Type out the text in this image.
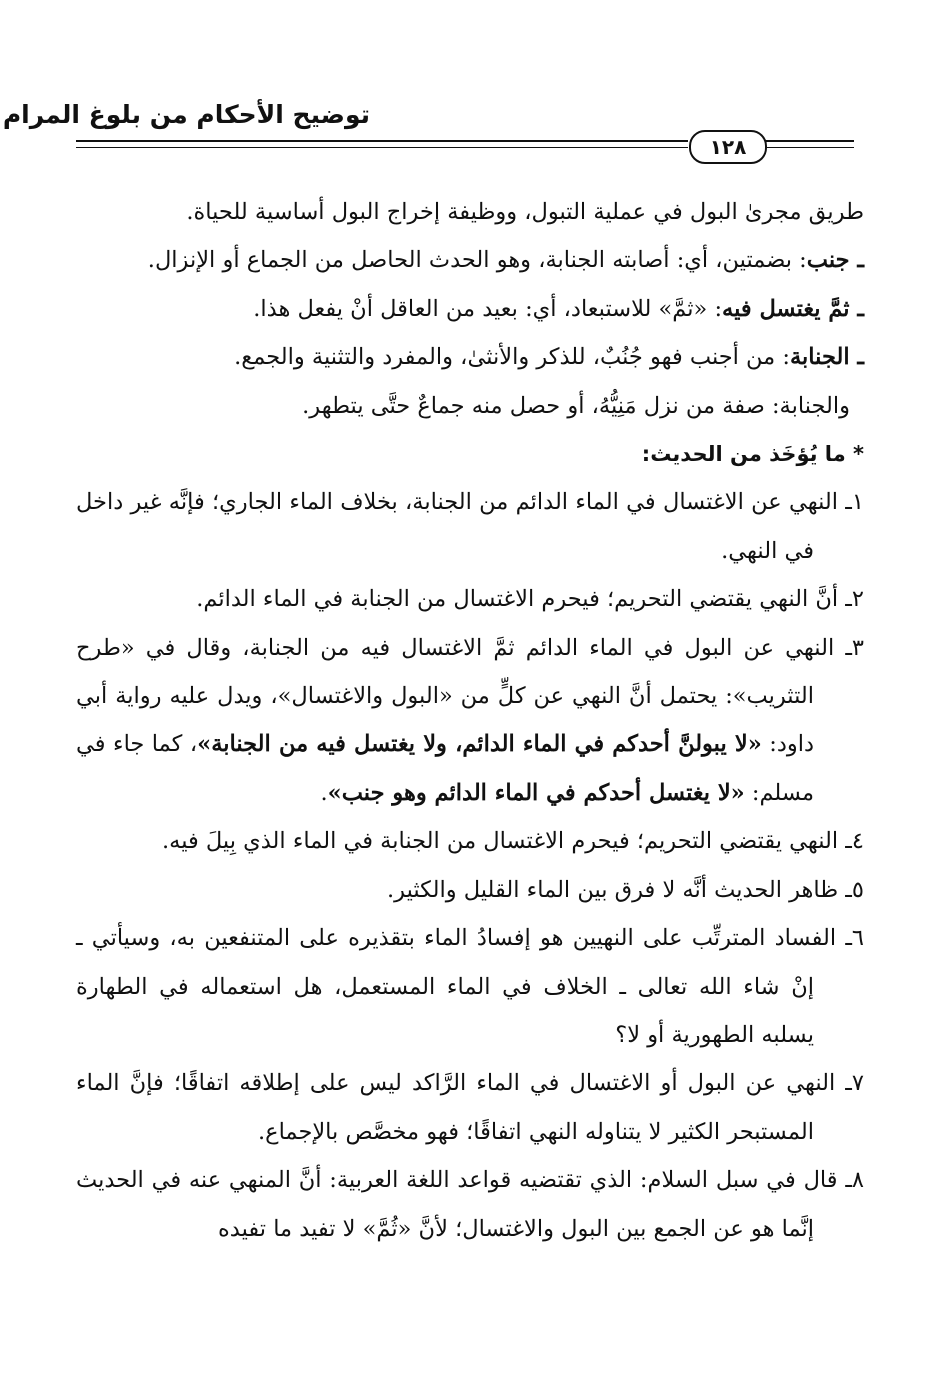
توضيح الأحكام من بلوغ المرام
١٢٨

طريق مجرىٰ البول في عملية التبول، ووظيفة إخراج البول أساسية للحياة.

ـ جنب: بضمتين، أي: أصابته الجنابة، وهو الحدث الحاصل من الجماع أو الإنزال.

ـ ثمَّ يغتسل فيه: «ثمَّ» للاستبعاد، أي: بعيد من العاقل أنْ يفعل هذا.

ـ الجنابة: من أجنب فهو جُنُبٌ، للذكر والأنثىٰ، والمفرد والتثنية والجمع.

والجنابة: صفة من نزل مَنِيُّهُ، أو حصل منه جماعٌ حتَّى يتطهر.

* ما يُؤخَذ من الحديث:

١ـ النهي عن الاغتسال في الماء الدائم من الجنابة، بخلاف الماء الجاري؛ فإنَّه غير داخل في النهي.

٢ـ أنَّ النهي يقتضي التحريم؛ فيحرم الاغتسال من الجنابة في الماء الدائم.

٣ـ النهي عن البول في الماء الدائم ثمَّ الاغتسال فيه من الجنابة، وقال في «طرح التثريب»: يحتمل أنَّ النهي عن كلٍّ من «البول والاغتسال»، ويدل عليه رواية أبي داود: «لا يبولنَّ أحدكم في الماء الدائم، ولا يغتسل فيه من الجنابة»، كما جاء في مسلم: «لا يغتسل أحدكم في الماء الدائم وهو جنب».

٤ـ النهي يقتضي التحريم؛ فيحرم الاغتسال من الجنابة في الماء الذي بِيلَ فيه.

٥ـ ظاهر الحديث أنَّه لا فرق بين الماء القليل والكثير.

٦ـ الفساد المترتِّب على النهيين هو إفسادُ الماء بتقذيره على المتنفعين به، وسيأتي ـ إنْ شاء الله تعالى ـ الخلاف في الماء المستعمل، هل استعماله في الطهارة يسلبه الطهورية أو لا؟

٧ـ النهي عن البول أو الاغتسال في الماء الرَّاكد ليس على إطلاقه اتفاقًا؛ فإنَّ الماء المستبحر الكثير لا يتناوله النهي اتفاقًا؛ فهو مخصَّص بالإجماع.

٨ـ قال في سبل السلام: الذي تقتضيه قواعد اللغة العربية: أنَّ المنهي عنه في الحديث إنَّما هو عن الجمع بين البول والاغتسال؛ لأنَّ «ثُمَّ» لا تفيد ما تفيده
